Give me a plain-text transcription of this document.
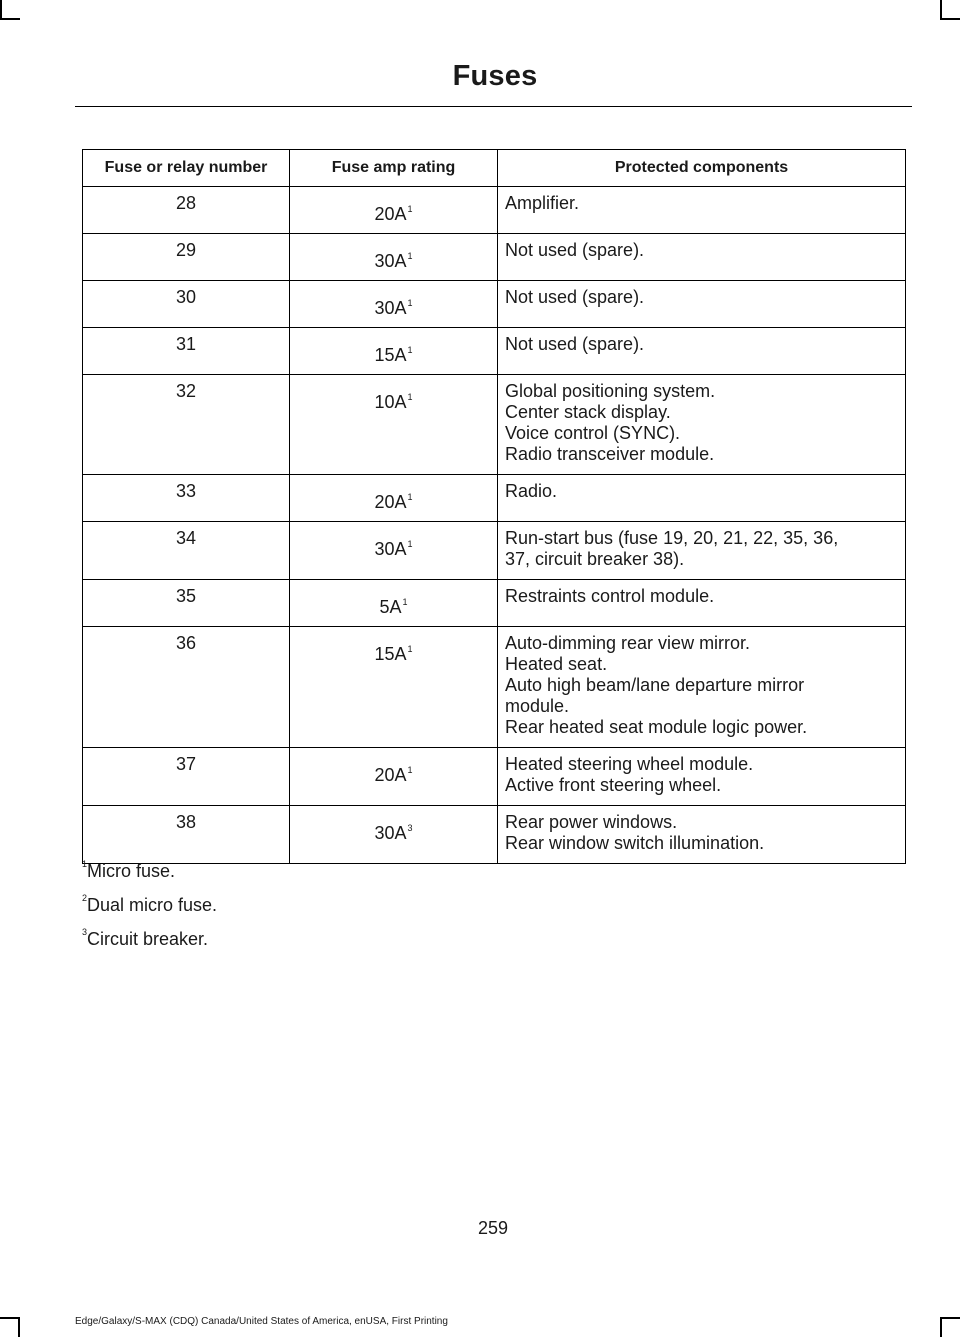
Fuses
Fuse or relay number	Fuse amp rating	Protected components
28	$20A^1$	Amplifier.

29	$30A^1$	Not used (spare).

30	$30A^1$	Not used (spare).

31	$15A^1$	Not used (spare).

32	$10A^1$	Global positioning system.
Center stack display.
Voice control (SYNC).
Radio transceiver module.

33	$20A^1$	Radio.

34	$30A^1$	Run-start bus (fuse 19, 20, 21, 22, 35, 36,
37, circuit breaker 38).

35	$5A^1$	Restraints control module.

36	$15A^1$	Auto-dimming rear view mirror.
Heated seat.
Auto high beam/lane departure mirror
module.
Rear heated seat module logic power.

37	$20A^1$	Heated steering wheel module.
Active front steering wheel.

38	$30A^3$	Rear power windows.
Rear window switch illumination.
$^1$Micro fuse.
$^2$Dual micro fuse.
$^3$Circuit breaker.
259
Edge/Galaxy/S-MAX (CDQ) Canada/United States of America, enUSA, First Printing
